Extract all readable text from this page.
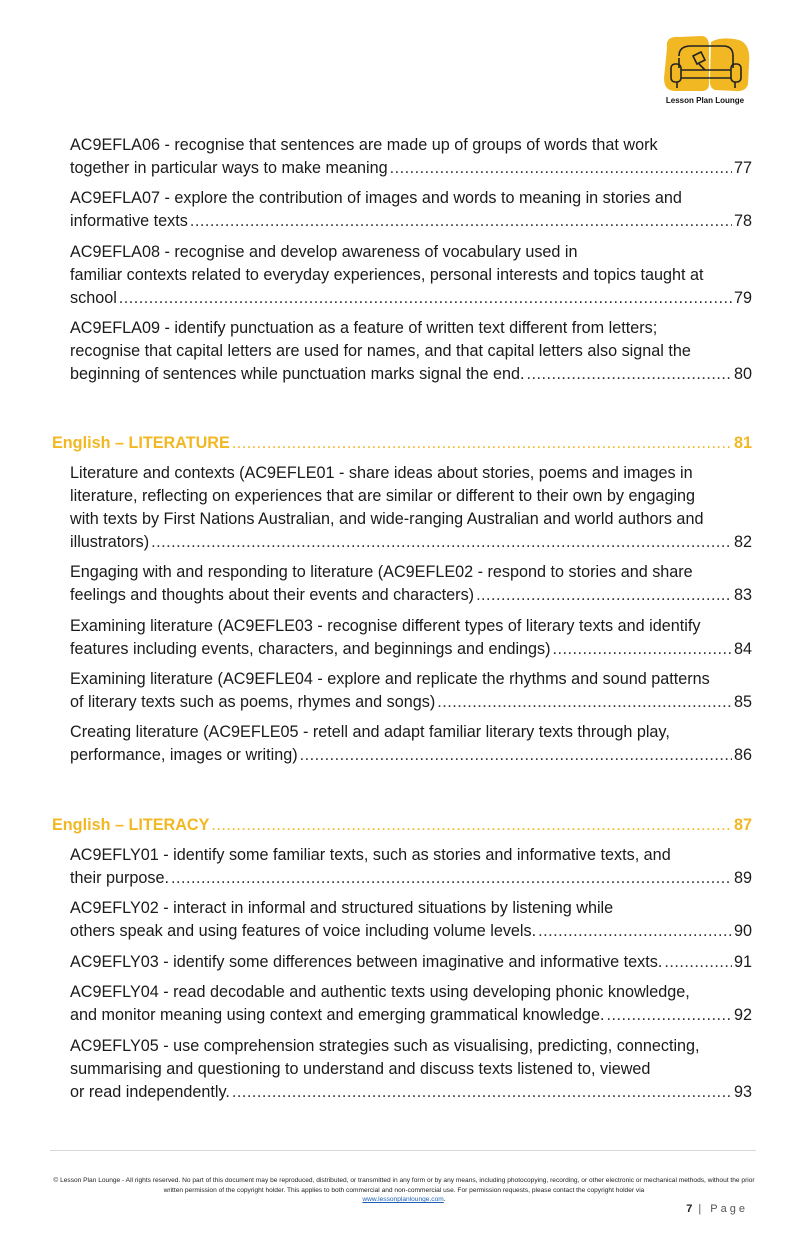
Lesson Plan Lounge
AC9EFLA06 - recognise that sentences are made up of groups of words that work
together in particular ways to make meaning .....	77
AC9EFLA07 - explore the contribution of images and words to meaning in stories and
informative texts .....	78
AC9EFLA08 - recognise and develop awareness of vocabulary used in
familiar contexts related to everyday experiences, personal interests and topics taught at
school .....	79
AC9EFLA09 - identify punctuation as a feature of written text different from letters;
recognise that capital letters are used for names, and that capital letters also signal the
beginning of sentences while punctuation marks signal the end. .....	80
English – LITERATURE .....	81
Literature and contexts (AC9EFLE01 - share ideas about stories, poems and images in
literature, reflecting on experiences that are similar or different to their own by engaging
with texts by First Nations Australian, and wide-ranging Australian and world authors and
illustrators) .....	82
Engaging with and responding to literature (AC9EFLE02 - respond to stories and share
feelings and thoughts about their events and characters) .....	83
Examining literature (AC9EFLE03 - recognise different types of literary texts and identify
features including events, characters, and beginnings and endings) .....	84
Examining literature (AC9EFLE04 - explore and replicate the rhythms and sound patterns
of literary texts such as poems, rhymes and songs) .....	85
Creating literature (AC9EFLE05 - retell and adapt familiar literary texts through play,
performance, images or writing) .....	86
English – LITERACY .....	87
AC9EFLY01 - identify some familiar texts, such as stories and informative texts, and
their purpose. .....	89
AC9EFLY02 - interact in informal and structured situations by listening while
others speak and using features of voice including volume levels. .....	90
AC9EFLY03 - identify some differences between imaginative and informative texts. .....	91
AC9EFLY04 - read decodable and authentic texts using developing phonic knowledge,
and monitor meaning using context and emerging grammatical knowledge. .....	92
AC9EFLY05 - use comprehension strategies such as visualising, predicting, connecting,
summarising and questioning to understand and discuss texts listened to, viewed
or read independently. .....	93
© Lesson Plan Lounge - All rights reserved. No part of this document may be reproduced, distributed, or transmitted in any form or by any means, including photocopying, recording, or other electronic or mechanical methods, without the prior written permission of the copyright holder. This applies to both commercial and non-commercial use. For permission requests, please contact the copyright holder via
www.lessonplanlounge.com.
7 | Page
